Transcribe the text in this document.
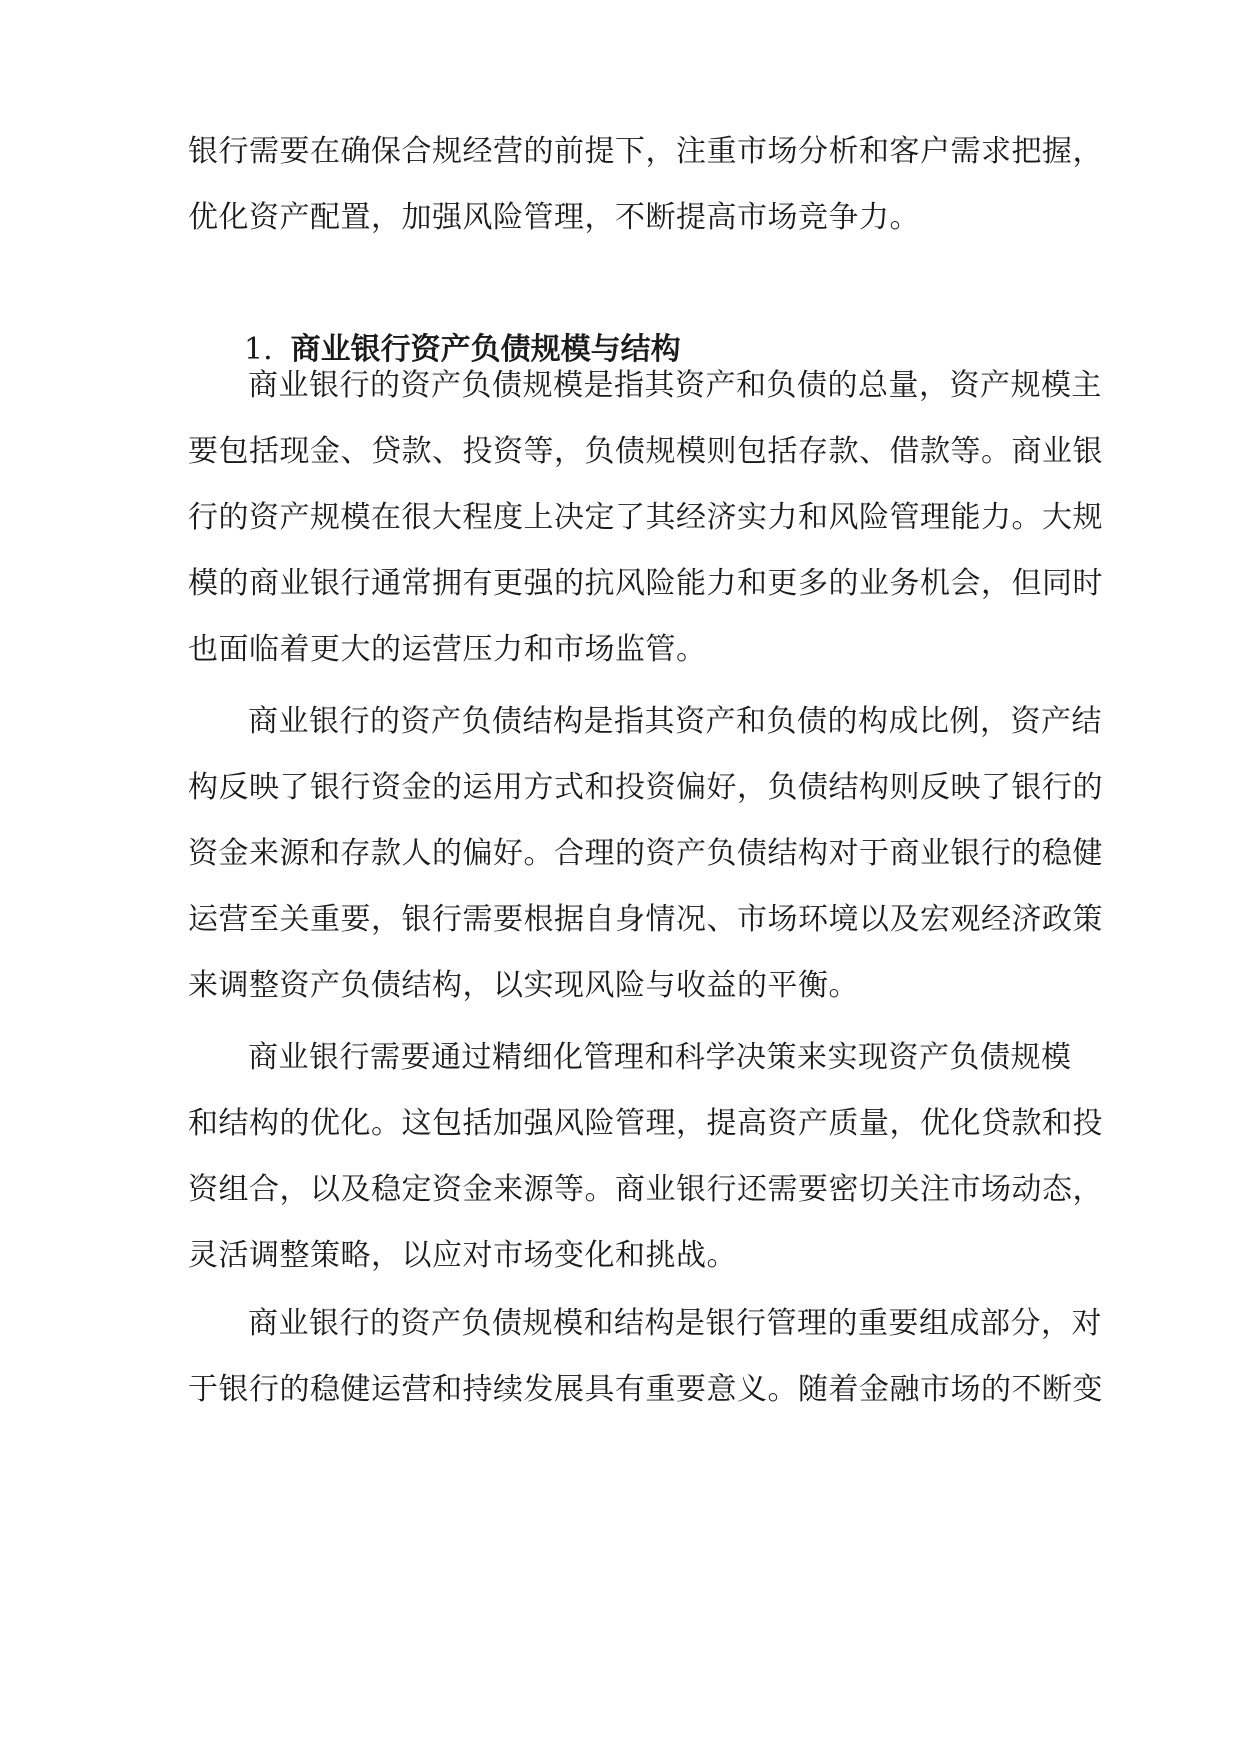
银行需要在确保合规经营的前提下，注重市场分析和客户需求把握，
优化资产配置，加强风险管理，不断提高市场竞争力。
1. 商业银行资产负债规模与结构
商业银行的资产负债规模是指其资产和负债的总量，资产规模主
要包括现金、贷款、投资等，负债规模则包括存款、借款等。商业银
行的资产规模在很大程度上决定了其经济实力和风险管理能力。大规
模的商业银行通常拥有更强的抗风险能力和更多的业务机会，但同时
也面临着更大的运营压力和市场监管。
商业银行的资产负债结构是指其资产和负债的构成比例，资产结
构反映了银行资金的运用方式和投资偏好，负债结构则反映了银行的
资金来源和存款人的偏好。合理的资产负债结构对于商业银行的稳健
运营至关重要，银行需要根据自身情况、市场环境以及宏观经济政策
来调整资产负债结构，以实现风险与收益的平衡。
商业银行需要通过精细化管理和科学决策来实现资产负债规模
和结构的优化。这包括加强风险管理，提高资产质量，优化贷款和投
资组合，以及稳定资金来源等。商业银行还需要密切关注市场动态，
灵活调整策略，以应对市场变化和挑战。
商业银行的资产负债规模和结构是银行管理的重要组成部分，对
于银行的稳健运营和持续发展具有重要意义。随着金融市场的不断变
